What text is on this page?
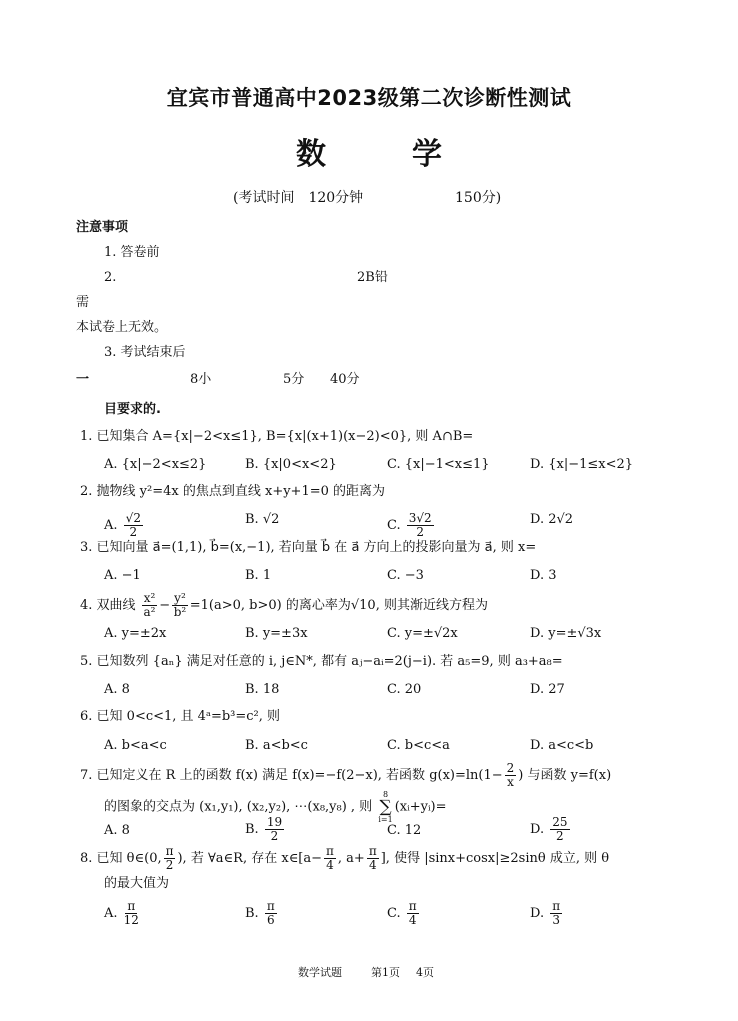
宜宾市普通高中2023级第二次诊断性测试
数　学
(考试时间　120分钟	150分)
注意事项
1. 答卷前
2.	2B铅
需
本试卷上无效。
3. 考试结束后
一	8小	5分 40分
目要求的.
1. 已知集合 A={x|−2<x≤1}, B={x|(x+1)(x−2)<0}, 则 A∩B=
A. {x|−2<x≤2}	B. {x|0<x<2}	C. {x|−1<x≤1}	D. {x|−1≤x<2}
2. 抛物线 y²=4x 的焦点到直线 x+y+1=0 的距离为
A. $\frac{√2}{2}$	B. √2	C. $\frac{3√2}{2}$	D. 2√2
3. 已知向量 a⃗=(1,1), b⃗=(x,−1), 若向量 b⃗ 在 a⃗ 方向上的投影向量为 a⃗, 则 x=
A. −1	B. 1	C. −3	D. 3
4. 双曲线 $\frac{\text{x²}}{\text{a²}} - \frac{\text{y²}}{\text{b²}} =1(a>0$, b>0) 的离心率为√10, 则其渐近线方程为
A. y=±2x	B. y=±3x	C. y=±√2x	D. y=±√3x
5. 已知数列 {aₙ} 满足对任意的 i, j∈N*, 都有 aⱼ−aᵢ=2(j−i). 若 a₅=9, 则 a₃+a₈=
A. 8	B. 18	C. 20	D. 27
6. 已知 0<c<1, 且 4ᵃ=b³=c², 则
A. b<a<c	B. a<b<c	C. b<c<a	D. a<c<b
7. 已知定义在 R 上的函数 f(x) 满足 f(x)=−f(2−x), 若函数 $g(x)=\ln(1- \frac{2}{x}$ ) 与函数 y=f(x)
的图象的交点为 (x₁,y₁), (x₂,y₂), ⋯(x₈,y₈) , 则
8
∑
i=1
(xᵢ+yᵢ)=
A. 8	B. $\frac{19}{2}$	C. 12	D. $\frac{25}{2}$
8. 已知 θ∈(0, $\frac{\pi}{2}$ ), 若 ∀a∈R, 存在 x∈[a− $\frac{\pi}{4}$ , $a+ \frac{\pi}{4}$ ], 使得 |sinx+cosx|≥2sinθ 成立, 则 θ
的最大值为
A. $\frac{\pi}{12}$	B. $\frac{\pi}{6}$	C. $\frac{\pi}{4}$	D. $\frac{\pi}{3}$
数学试题	第1页 4页
